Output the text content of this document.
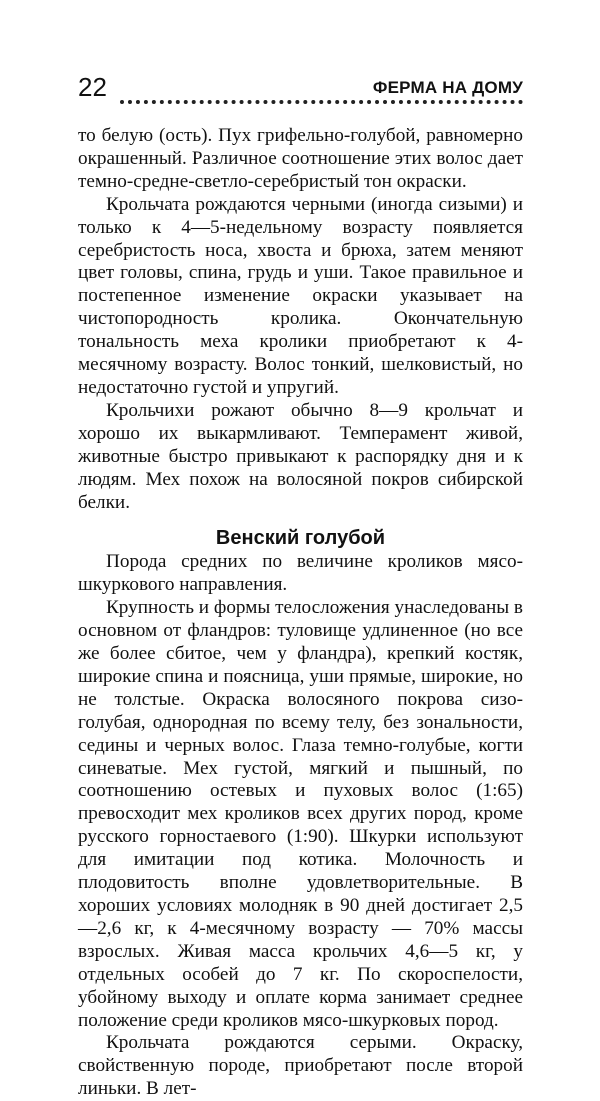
22	ФЕРМА НА ДОМУ

то белую (ость). Пух грифельно-голубой, равномерно окрашенный. Различное соотношение этих волос дает темно-средне-светло-серебристый тон окраски.

Крольчата рождаются черными (иногда сизыми) и только к 4—5-недельному возрасту появляется серебристость носа, хвоста и брюха, затем меняют цвет головы, спина, грудь и уши. Такое правильное и постепенное изменение окраски указывает на чистопородность кролика. Окончательную тональность меха кролики приобретают к 4-месячному возрасту. Волос тонкий, шелковистый, но недостаточно густой и упругий.

Крольчихи рожают обычно 8—9 крольчат и хорошо их выкармливают. Темперамент живой, животные быстро привыкают к распорядку дня и к людям. Мех похож на волосяной покров сибирской белки.

Венский голубой

Порода средних по величине кроликов мясо-шкуркового направления.

Крупность и формы телосложения унаследованы в основном от фландров: туловище удлиненное (но все же более сбитое, чем у фландра), крепкий костяк, широкие спина и поясница, уши прямые, широкие, но не толстые. Окраска волосяного покрова сизо-голубая, однородная по всему телу, без зональности, седины и черных волос. Глаза темно-голубые, когти синеватые. Мех густой, мягкий и пышный, по соотношению остевых и пуховых волос (1:65) превосходит мех кроликов всех других пород, кроме русского горностаевого (1:90). Шкурки используют для имитации под котика. Молочность и плодовитость вполне удовлетворительные. В хороших условиях молодняк в 90 дней достигает 2,5—2,6 кг, к 4-месячному возрасту — 70% массы взрослых. Живая масса крольчих 4,6—5 кг, у отдельных особей до 7 кг. По скороспелости, убойному выходу и оплате корма занимает среднее положение среди кроликов мясо-шкурковых пород.

Крольчата рождаются серыми. Окраску, свойственную породе, приобретают после второй линьки. В лет-
